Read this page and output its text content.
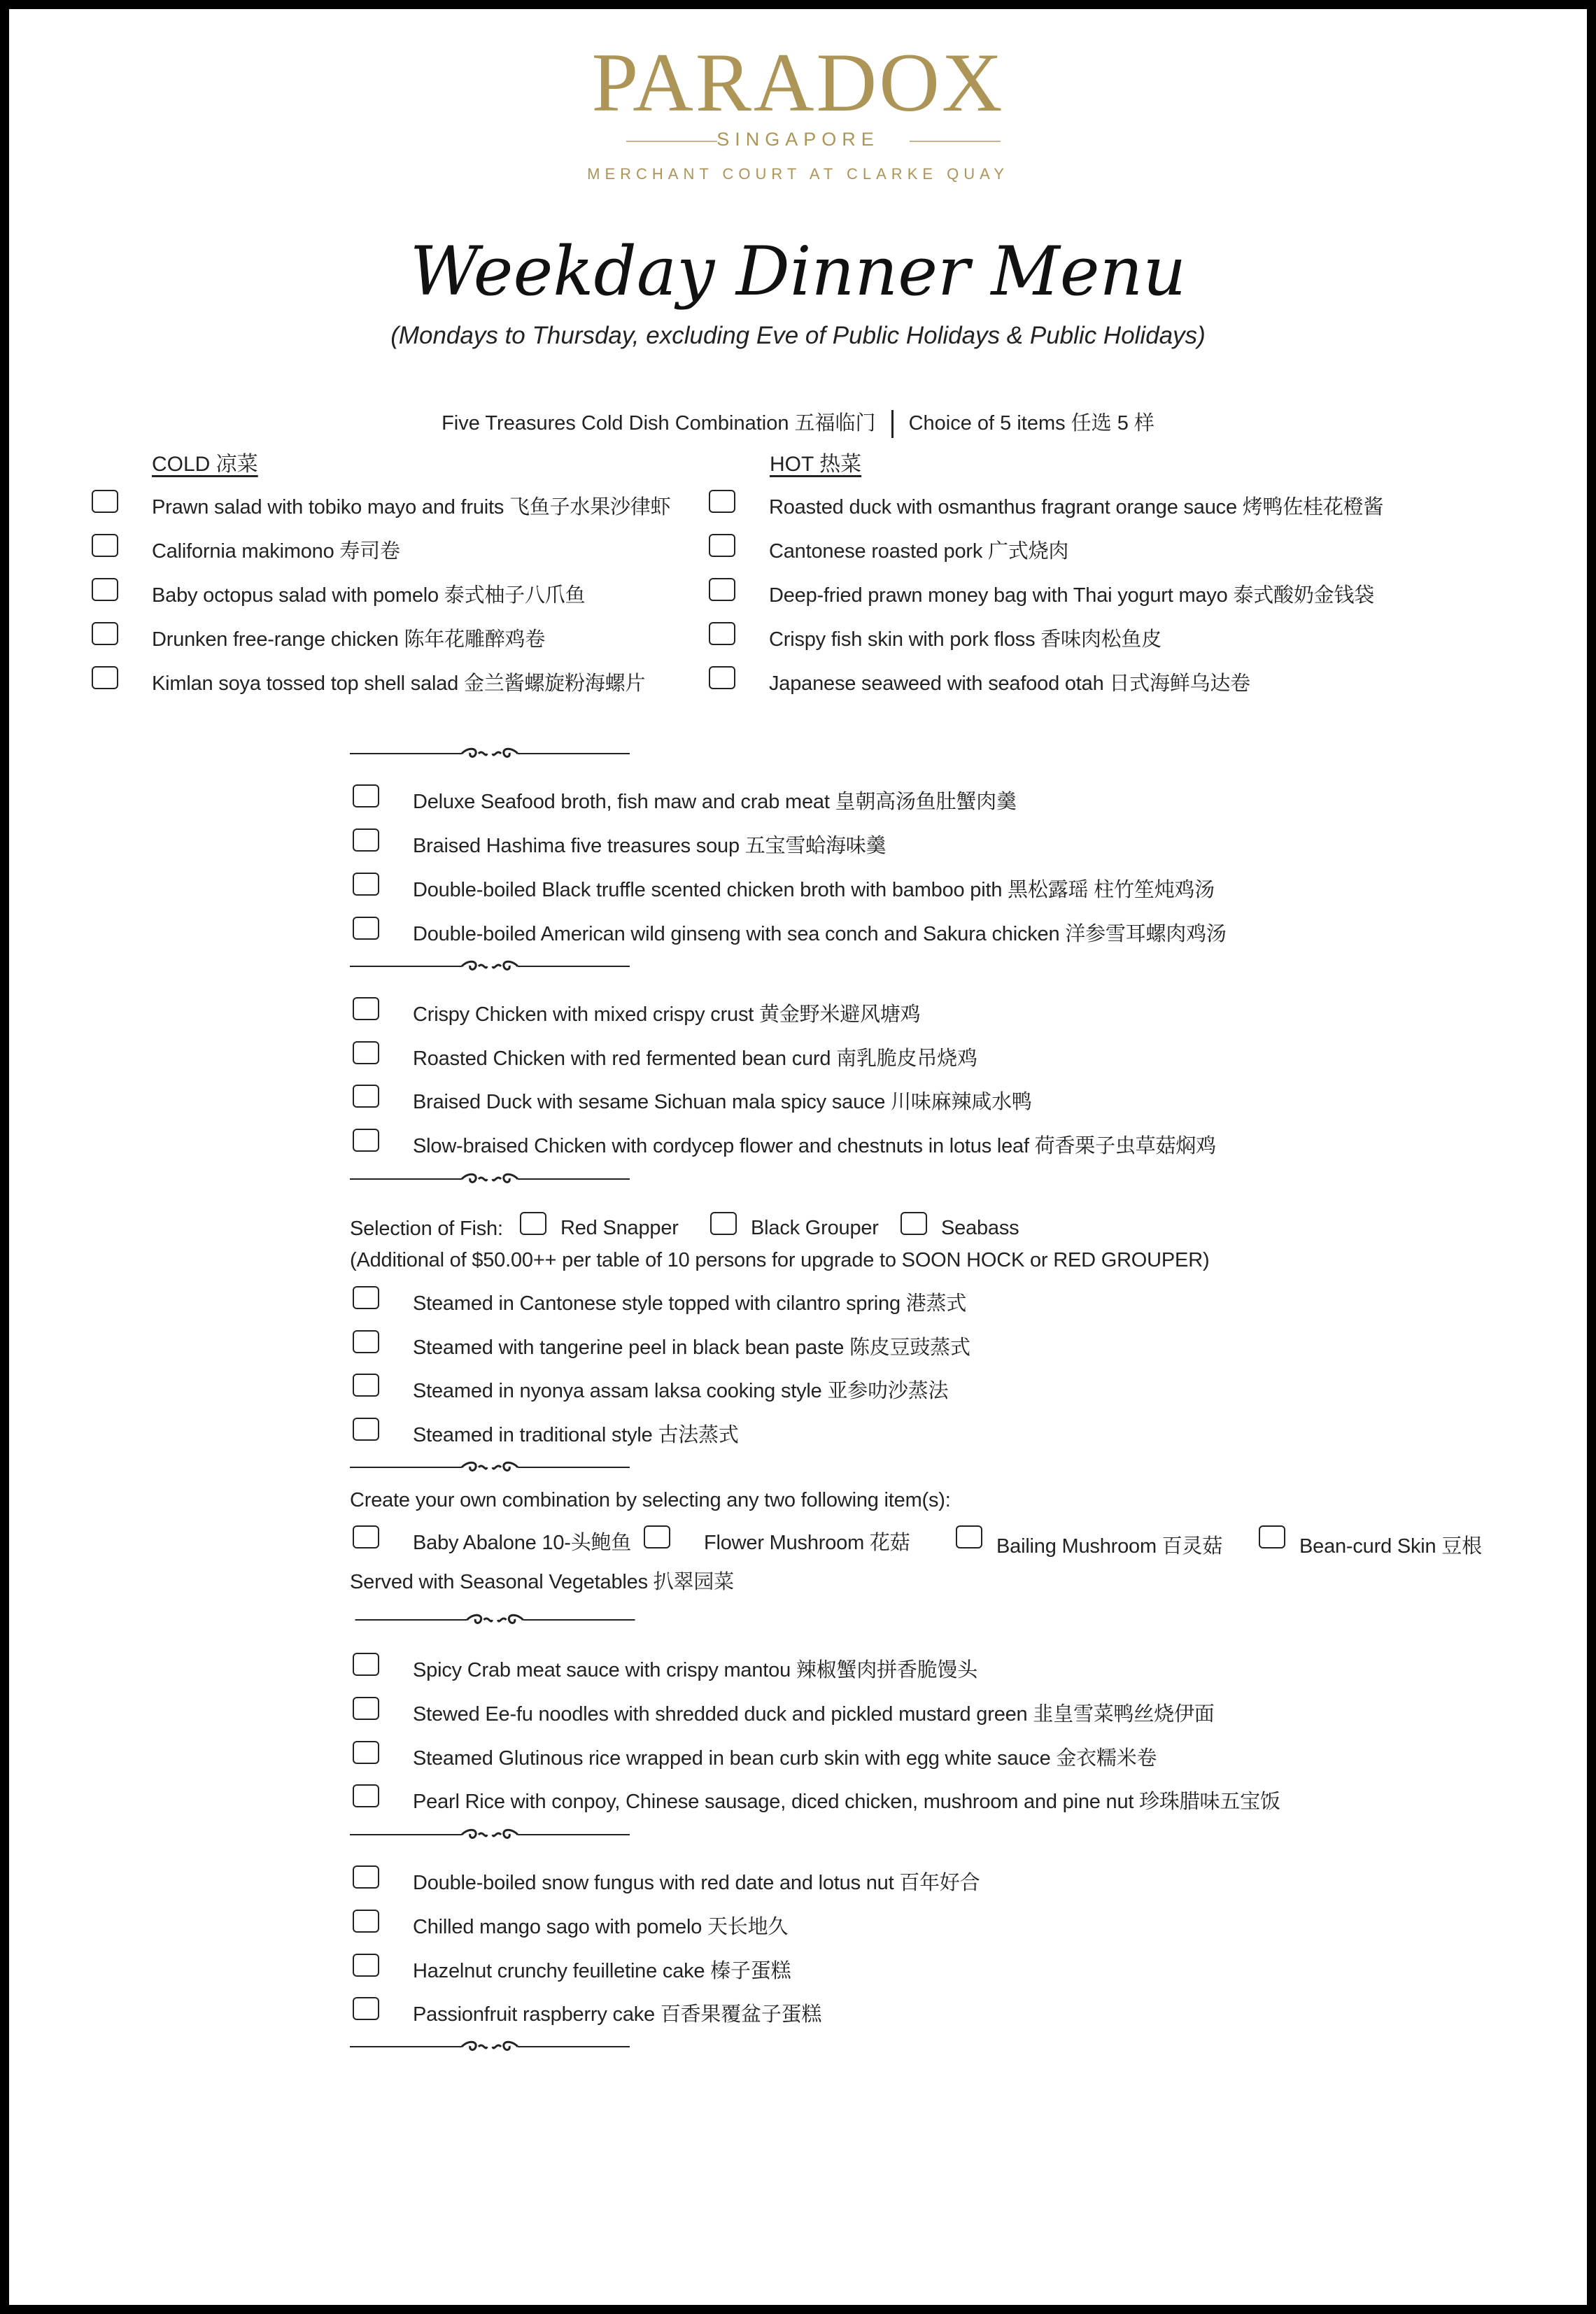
PARADOX
SINGAPORE
MERCHANT COURT AT CLARKE QUAY
Weekday Dinner Menu
(Mondays to Thursday, excluding Eve of Public Holidays & Public Holidays)
Five Treasures Cold Dish Combination 五福临门 Choice of 5 items 任选 5 样
COLD 凉菜	HOT 热菜
Prawn salad with tobiko mayo and fruits 飞鱼子水果沙律虾
California makimono 寿司卷
Baby octopus salad with pomelo 泰式柚子八爪鱼
Drunken free-range chicken 陈年花雕醉鸡卷
Kimlan soya tossed top shell salad 金兰酱螺旋粉海螺片
Roasted duck with osmanthus fragrant orange sauce 烤鸭佐桂花橙酱
Cantonese roasted pork 广式烧肉
Deep-fried prawn money bag with Thai yogurt mayo 泰式酸奶金钱袋
Crispy fish skin with pork floss 香味肉松鱼皮
Japanese seaweed with seafood otah 日式海鲜乌达卷
Deluxe Seafood broth, fish maw and crab meat 皇朝高汤鱼肚蟹肉羹
Braised Hashima five treasures soup 五宝雪蛤海味羹
Double-boiled Black truffle scented chicken broth with bamboo pith 黑松露瑶 柱竹笙炖鸡汤
Double-boiled American wild ginseng with sea conch and Sakura chicken 洋参雪耳螺肉鸡汤
Crispy Chicken with mixed crispy crust 黄金野米避风塘鸡
Roasted Chicken with red fermented bean curd 南乳脆皮吊烧鸡
Braised Duck with sesame Sichuan mala spicy sauce 川味麻辣咸水鸭
Slow-braised Chicken with cordycep flower and chestnuts in lotus leaf 荷香栗子虫草菇焖鸡
Selection of Fish:	Red Snapper	Black Grouper	Seabass
(Additional of $50.00++ per table of 10 persons for upgrade to SOON HOCK or RED GROUPER)
Steamed in Cantonese style topped with cilantro spring 港蒸式
Steamed with tangerine peel in black bean paste 陈皮豆豉蒸式
Steamed in nyonya assam laksa cooking style 亚参叻沙蒸法
Steamed in traditional style 古法蒸式
Create your own combination by selecting any two following item(s):
Baby Abalone 10-头鲍鱼	Flower Mushroom 花菇	Bailing Mushroom 百灵菇	Bean-curd Skin 豆根
Served with Seasonal Vegetables 扒翠园菜
Spicy Crab meat sauce with crispy mantou 辣椒蟹肉拼香脆馒头
Stewed Ee-fu noodles with shredded duck and pickled mustard green 韭皇雪菜鸭丝烧伊面
Steamed Glutinous rice wrapped in bean curb skin with egg white sauce 金衣糯米卷
Pearl Rice with conpoy, Chinese sausage, diced chicken, mushroom and pine nut 珍珠腊味五宝饭
Double-boiled snow fungus with red date and lotus nut 百年好合
Chilled mango sago with pomelo 天长地久
Hazelnut crunchy feuilletine cake 榛子蛋糕
Passionfruit raspberry cake 百香果覆盆子蛋糕
